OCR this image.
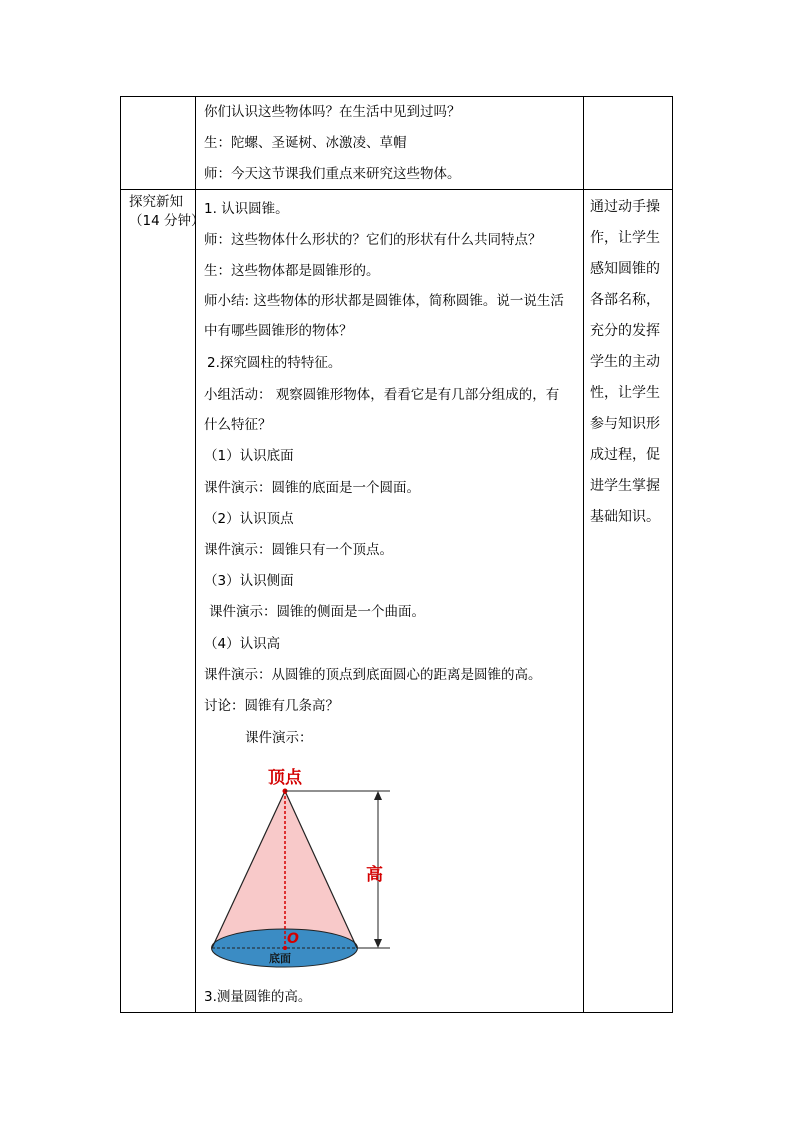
你们认识这些物体吗？在生活中见到过吗？
生：陀螺、圣诞树、冰激凌、草帽
师：今天这节课我们重点来研究这些物体。
探究新知
（14 分钟）
1. 认识圆锥。
师：这些物体什么形状的？它们的形状有什么共同特点？
生：这些物体都是圆锥形的。
师小结: 这些物体的形状都是圆锥体，简称圆锥。说一说生活
中有哪些圆锥形的物体？
2.探究圆柱的特特征。
小组活动： 观察圆锥形物体，看看它是有几部分组成的，有
什么特征？
（1）认识底面
课件演示：圆锥的底面是一个圆面。
（2）认识顶点
课件演示：圆锥只有一个顶点。
（3）认识侧面
课件演示：圆锥的侧面是一个曲面。
（4）认识高
课件演示：从圆锥的顶点到底面圆心的距离是圆锥的高。
讨论：圆锥有几条高？
课件演示：
顶点
高
O
底面
3.测量圆锥的高。
通过动手操
作，让学生
感知圆锥的
各部名称，
充分的发挥
学生的主动
性，让学生
参与知识形
成过程，促
进学生掌握
基础知识。
